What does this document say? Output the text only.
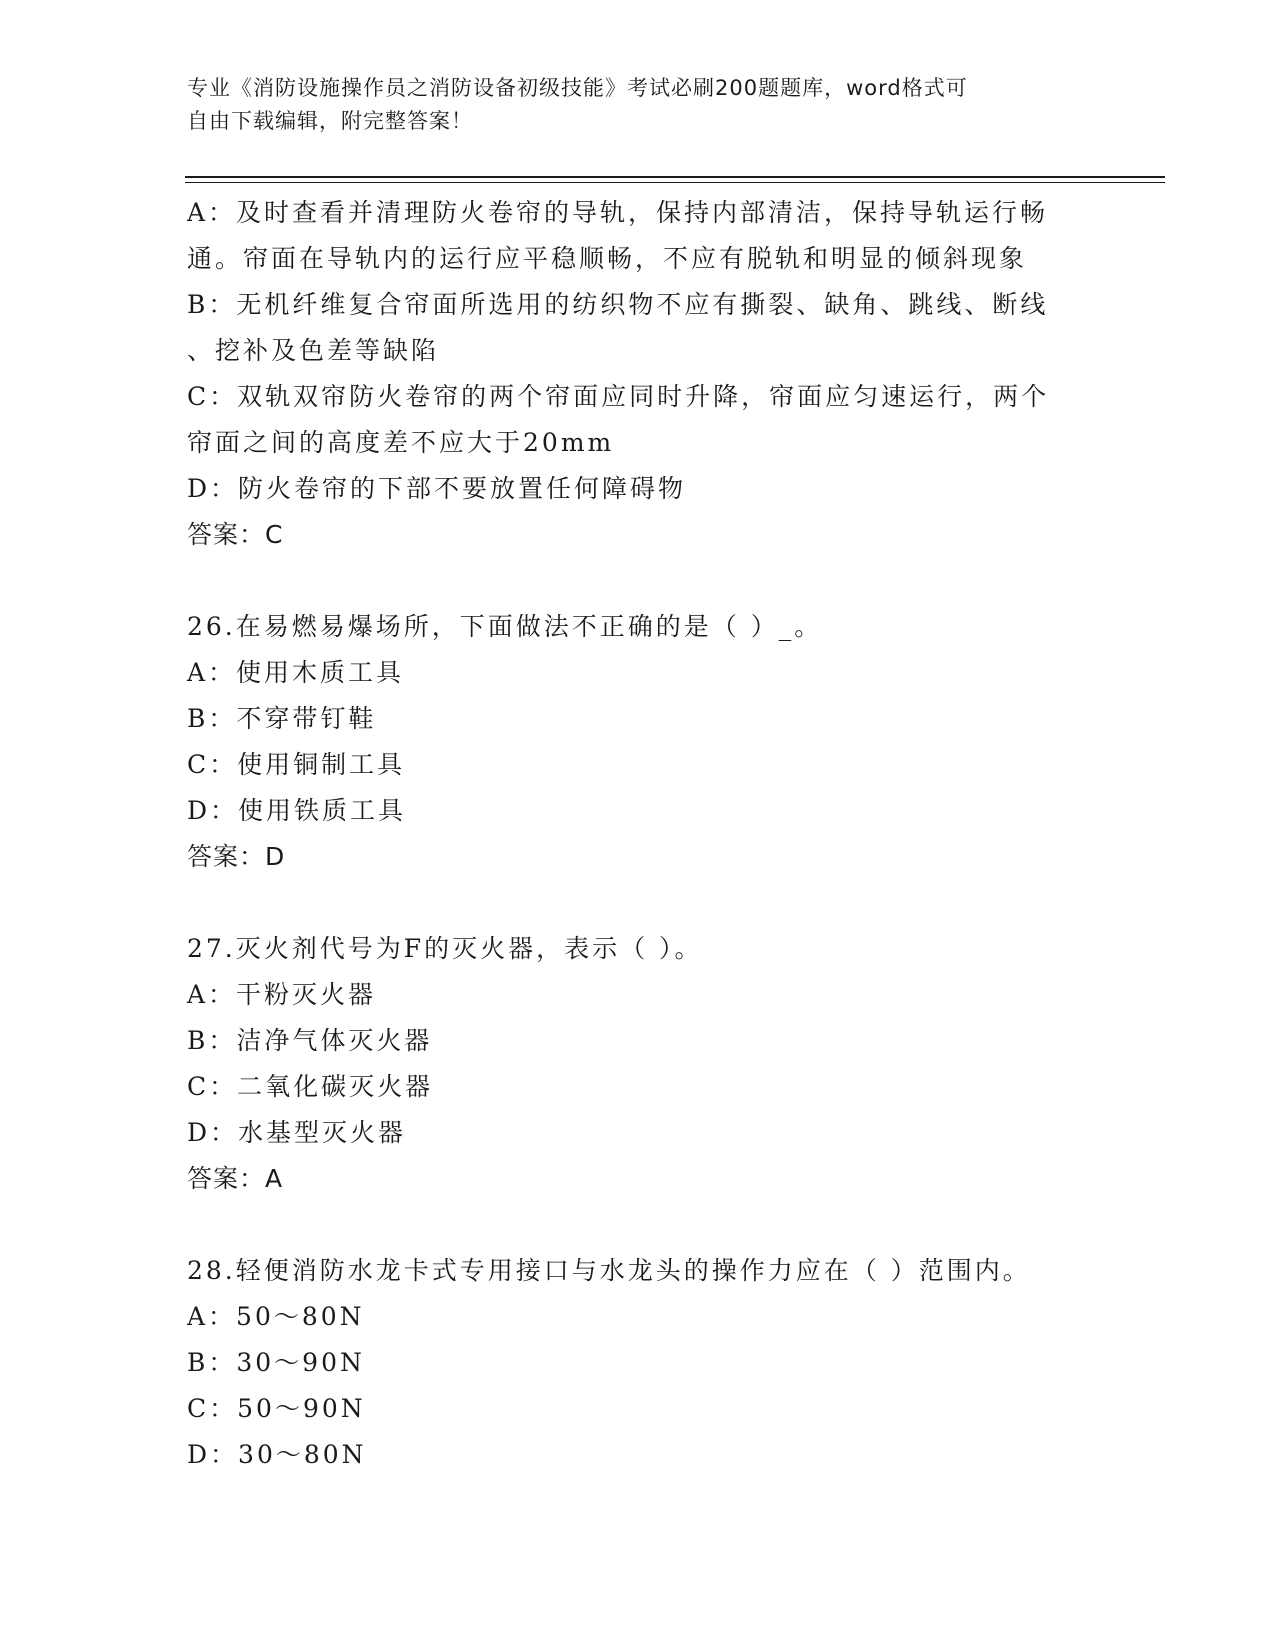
专业《消防设施操作员之消防设备初级技能》考试必刷200题题库，word格式可
自由下载编辑，附完整答案！
A：及时查看并清理防火卷帘的导轨，保持内部清洁，保持导轨运行畅
通。帘面在导轨内的运行应平稳顺畅，不应有脱轨和明显的倾斜现象
B：无机纤维复合帘面所选用的纺织物不应有撕裂、缺角、跳线、断线
、挖补及色差等缺陷
C：双轨双帘防火卷帘的两个帘面应同时升降，帘面应匀速运行，两个
帘面之间的高度差不应大于20mm
D：防火卷帘的下部不要放置任何障碍物
答案：C
26.在易燃易爆场所，下面做法不正确的是（ ）_。
A：使用木质工具
B：不穿带钉鞋
C：使用铜制工具
D：使用铁质工具
答案：D
27.灭火剂代号为F的灭火器，表示（ ）。
A：干粉灭火器
B：洁净气体灭火器
C：二氧化碳灭火器
D：水基型灭火器
答案：A
28.轻便消防水龙卡式专用接口与水龙头的操作力应在（ ）范围内。
A：50～80N
B：30～90N
C：50～90N
D：30～80N
